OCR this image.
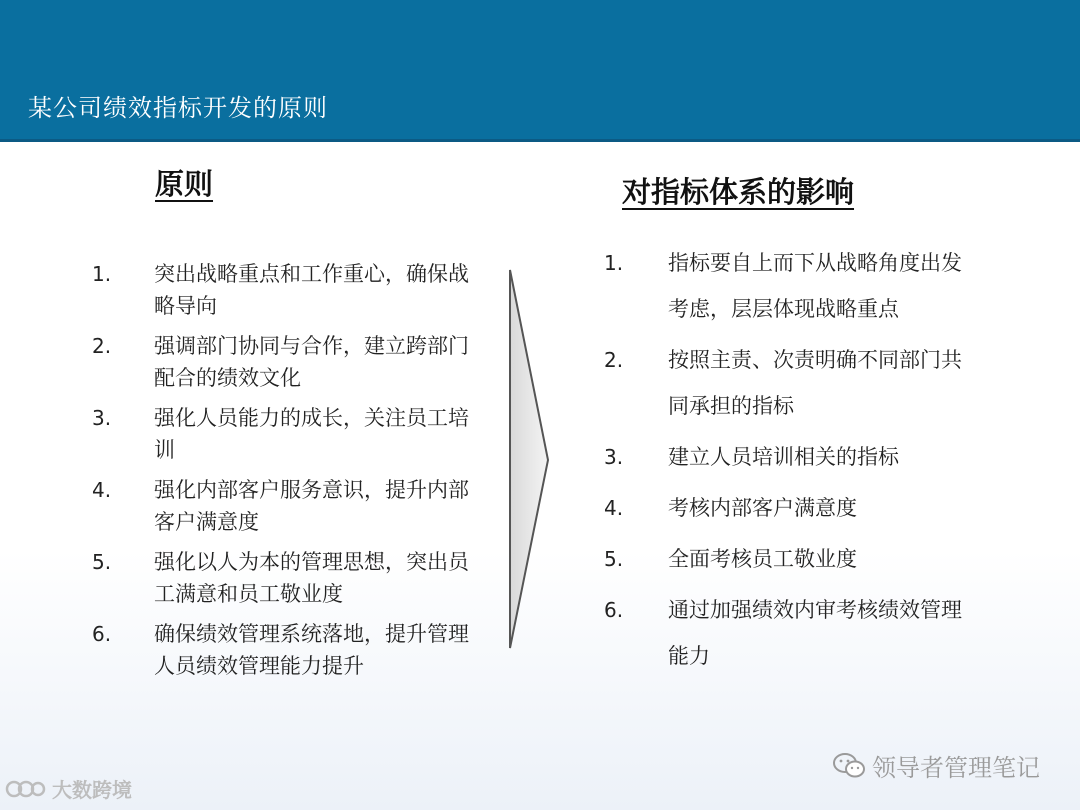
某公司绩效指标开发的原则
原则	对指标体系的影响
1.	突出战略重点和工作重心，确保战略导向
2.	强调部门协同与合作，建立跨部门配合的绩效文化
3.	强化人员能力的成长，关注员工培训
4.	强化内部客户服务意识，提升内部客户满意度
5.	强化以人为本的管理思想，突出员工满意和员工敬业度
6.	确保绩效管理系统落地，提升管理人员绩效管理能力提升
1.	指标要自上而下从战略角度出发考虑，层层体现战略重点
2.	按照主责、次责明确不同部门共同承担的指标
3.	建立人员培训相关的指标
4.	考核内部客户满意度
5.	全面考核员工敬业度
6.	通过加强绩效内审考核绩效管理能力
领导者管理笔记
大数跨境
